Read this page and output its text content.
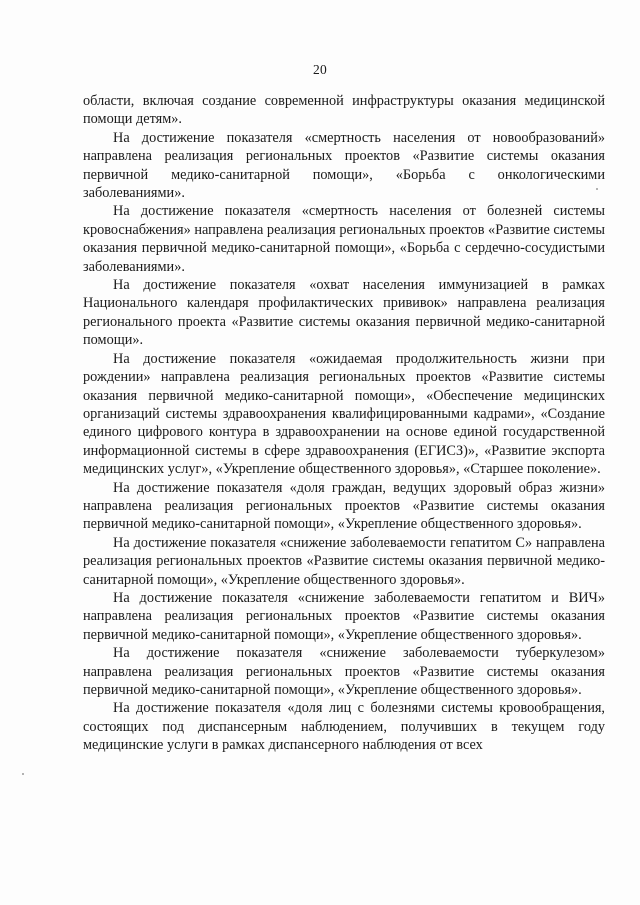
20

области, включая создание современной инфраструктуры оказания медицинской помощи детям».

На достижение показателя «смертность населения от новообразований» направлена реализация региональных проектов «Развитие системы оказания первичной медико-санитарной помощи», «Борьба с онкологическими заболеваниями».

На достижение показателя «смертность населения от болезней системы кровоснабжения» направлена реализация региональных проектов «Развитие системы оказания первичной медико-санитарной помощи», «Борьба с сердечно-сосудистыми заболеваниями».

На достижение показателя «охват населения иммунизацией в рамках Национального календаря профилактических прививок» направлена реализация регионального проекта «Развитие системы оказания первичной медико-санитарной помощи».

На достижение показателя «ожидаемая продолжительность жизни при рождении» направлена реализация региональных проектов «Развитие системы оказания первичной медико-санитарной помощи», «Обеспечение медицинских организаций системы здравоохранения квалифицированными кадрами», «Создание единого цифрового контура в здравоохранении на основе единой государственной информационной системы в сфере здравоохранения (ЕГИСЗ)», «Развитие экспорта медицинских услуг», «Укрепление общественного здоровья», «Старшее поколение».

На достижение показателя «доля граждан, ведущих здоровый образ жизни» направлена реализация региональных проектов «Развитие системы оказания первичной медико-санитарной помощи», «Укрепление общественного здоровья».

На достижение показателя «снижение заболеваемости гепатитом С» направлена реализация региональных проектов «Развитие системы оказания первичной медико-санитарной помощи», «Укрепление общественного здоровья».

На достижение показателя «снижение заболеваемости гепатитом и ВИЧ» направлена реализация региональных проектов «Развитие системы оказания первичной медико-санитарной помощи», «Укрепление общественного здоровья».

На достижение показателя «снижение заболеваемости туберкулезом» направлена реализация региональных проектов «Развитие системы оказания первичной медико-санитарной помощи», «Укрепление общественного здоровья».

На достижение показателя «доля лиц с болезнями системы кровообращения, состоящих под диспансерным наблюдением, получивших в текущем году медицинские услуги в рамках диспансерного наблюдения от всех
